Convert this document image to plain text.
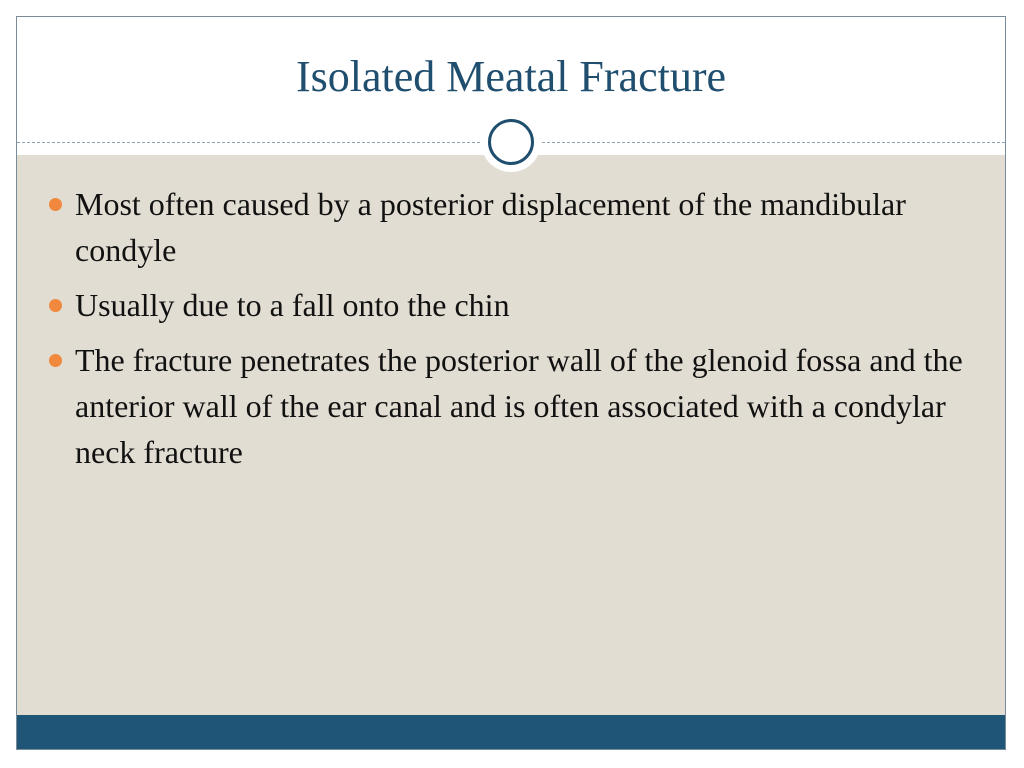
Isolated Meatal Fracture
Most often caused by a posterior displacement of the mandibular condyle
Usually due to a fall onto the chin
The fracture penetrates the posterior wall of the glenoid fossa and the anterior wall of the ear canal and is often associated with a condylar neck fracture
